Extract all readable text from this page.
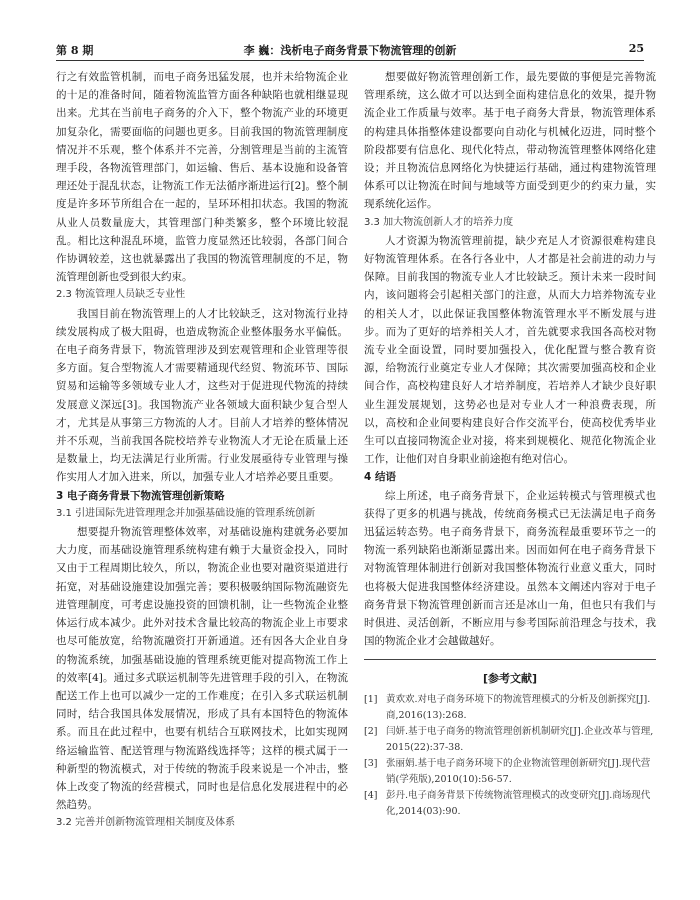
第 8 期	李 巍：浅析电子商务背景下物流管理的创新	25

行之有效监管机制，而电子商务迅猛发展，也并未给物流企业的十足的准备时间，随着物流监管方面各种缺陷也就相继显现出来。尤其在当前电子商务的介入下，整个物流产业的环境更加复杂化，需要面临的问题也更多。目前我国的物流管理制度情况并不乐观，整个体系并不完善，分割管理是当前的主流管理手段，各物流管理部门，如运输、售后、基本设施和设备管理还处于混乱状态，让物流工作无法循序渐进运行[2]。整个制度是许多环节所组合在一起的，呈环环相扣状态。我国的物流从业人员数量庞大，其管理部门种类繁多，整个环境比较混乱。相比这种混乱环境，监管力度显然还比较弱，各部门间合作协调较差，这也就暴露出了我国的物流管理制度的不足，物流管理创新也受到很大约束。

2.3 物流管理人员缺乏专业性

我国目前在物流管理上的人才比较缺乏，这对物流行业持续发展构成了极大阻碍，也造成物流企业整体服务水平偏低。在电子商务背景下，物流管理涉及到宏观管理和企业管理等很多方面。复合型物流人才需要精通现代经贸、物流环节、国际贸易和运输等多领域专业人才，这些对于促进现代物流的持续发展意义深远[3]。我国物流产业各领域大面积缺少复合型人才，尤其是从事第三方物流的人才。目前人才培养的整体情况并不乐观，当前我国各院校培养专业物流人才无论在质量上还是数量上，均无法满足行业所需。行业发展亟待专业管理与操作实用人才加入进来，所以，加强专业人才培养必要且重要。

3 电子商务背景下物流管理创新策略
3.1 引进国际先进管理理念并加强基础设施的管理系统创新

想要提升物流管理整体效率，对基础设施构建就务必要加大力度，而基础设施管理系统构建有赖于大量资金投入，同时又由于工程周期比较久，所以，物流企业也要对融资渠道进行拓宽，对基础设施建设加强完善；要积极吸纳国际物流融资先进管理制度，可考虑设施投资的回馈机制，让一些物流企业整体运行成本减少。此外对技术含量比较高的物流企业上市要求也尽可能放宽，给物流融资打开新通道。还有因各大企业自身的物流系统，加强基础设施的管理系统更能对提高物流工作上的效率[4]。通过多式联运机制等先进管理手段的引入，在物流配送工作上也可以减少一定的工作难度；在引入多式联运机制同时，结合我国具体发展情况，形成了具有本国特色的物流体系。而且在此过程中，也要有机结合互联网技术，比如实现网络运输监管、配送管理与物流路线选择等；这样的模式属于一种新型的物流模式，对于传统的物流手段来说是一个冲击，整体上改变了物流的经营模式，同时也是信息化发展进程中的必然趋势。

3.2 完善并创新物流管理相关制度及体系

想要做好物流管理创新工作，最先要做的事便是完善物流管理系统，这么做才可以达到全面构建信息化的效果，提升物流企业工作质量与效率。基于电子商务大背景，物流管理体系的构建具体指整体建设都要向自动化与机械化迈进，同时整个阶段都要有信息化、现代化特点，带动物流管理整体网络化建设；并且物流信息网络化为快捷运行基础，通过构建物流管理体系可以让物流在时间与地域等方面受到更少的约束力量，实现系统化运作。

3.3 加大物流创新人才的培养力度

人才资源为物流管理前提，缺少充足人才资源很难构建良好物流管理体系。在各行各业中，人才都是社会前进的动力与保障。目前我国的物流专业人才比较缺乏。预计未来一段时间内，该问题将会引起相关部门的注意，从而大力培养物流专业的相关人才，以此保证我国整体物流管理水平不断发展与进步。而为了更好的培养相关人才，首先就要求我国各高校对物流专业全面设置，同时要加强投入，优化配置与整合教育资源，给物流行业奠定专业人才保障；其次需要加强高校和企业间合作，高校构建良好人才培养制度，若培养人才缺少良好职业生涯发展规划，这势必也是对专业人才一种浪费表现，所以，高校和企业间要构建良好合作交流平台，使高校优秀毕业生可以直接同物流企业对接，将来到规模化、规范化物流企业工作，让他们对自身职业前途抱有绝对信心。

4 结语

综上所述，电子商务背景下，企业运转模式与管理模式也获得了更多的机遇与挑战，传统商务模式已无法满足电子商务迅猛运转态势。电子商务背景下，商务流程最重要环节之一的物流一系列缺陷也渐渐显露出来。因而如何在电子商务背景下对物流管理体制进行创新对我国整体物流行业意义重大，同时也将极大促进我国整体经济建设。虽然本文阐述内容对于电子商务背景下物流管理创新而言还是冰山一角，但也只有我们与时俱进、灵活创新，不断应用与参考国际前沿理念与技术，我国的物流企业才会越做越好。

[参考文献]
[1] 黄欢欢.对电子商务环境下的物流管理模式的分析及创新探究[J].商,2016(13):268.
[2] 闫妍.基于电子商务的物流管理创新机制研究[J].企业改革与管理,2015(22):37-38.
[3] 张丽娟.基于电子商务环境下的企业物流管理创新研究[J].现代营销(学苑版),2010(10):56-57.
[4] 彭丹.电子商务背景下传统物流管理模式的改变研究[J].商场现代化,2014(03):90.
